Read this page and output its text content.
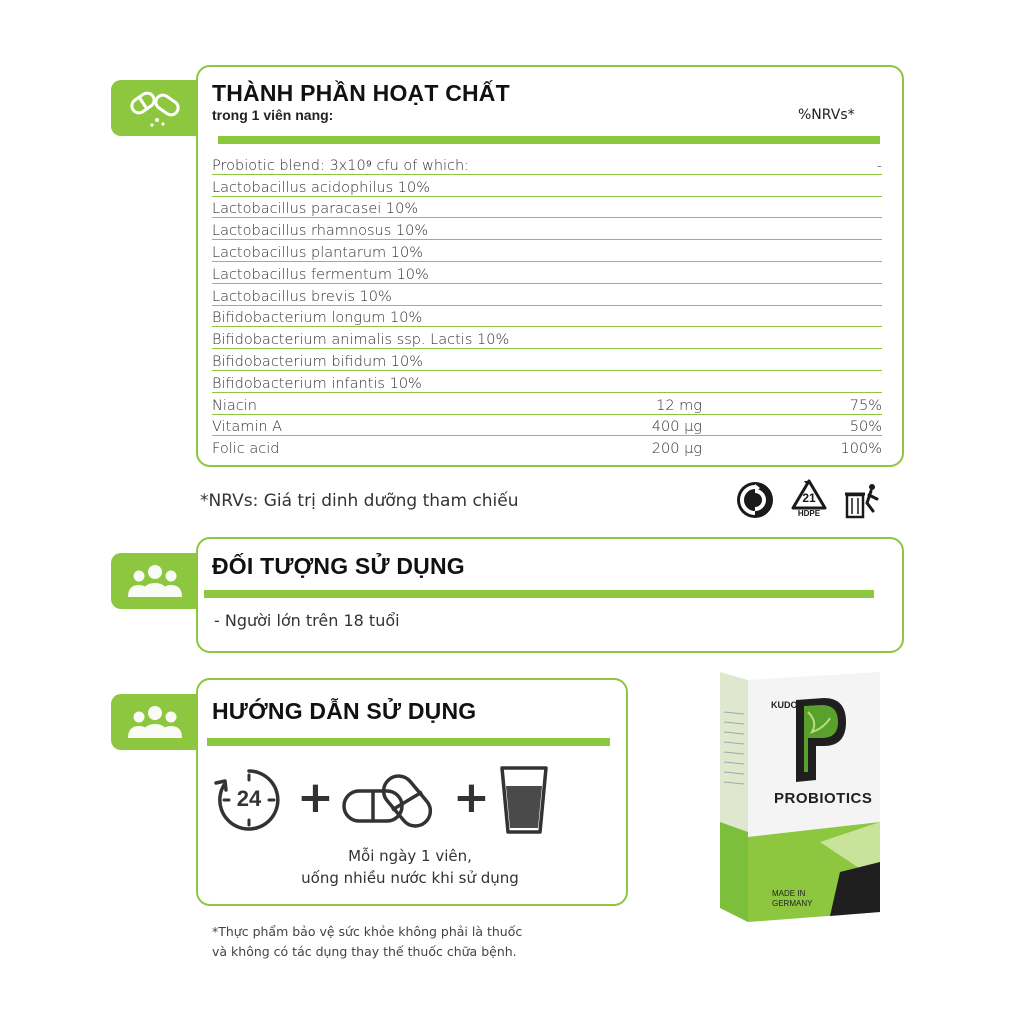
THÀNH PHẦN HOẠT CHẤT
trong 1 viên nang:	%NRVs*
Probiotic blend: 3x10⁹ cfu of which:		-
Lactobacillus acidophilus 10%		
Lactobacillus paracasei 10%		
Lactobacillus rhamnosus 10%		
Lactobacillus plantarum 10%		
Lactobacillus fermentum 10%		
Lactobacillus brevis 10%		
Bifidobacterium longum 10%		
Bifidobacterium animalis ssp. Lactis 10%		
Bifidobacterium bifidum 10%		
Bifidobacterium infantis 10%		
Niacin	12 mg	75%
Vitamin A	400 µg	50%
Folic acid	200 µg	100%
*NRVs: Giá trị dinh dưỡng tham chiếu	21
HDPE
ĐỐI TƯỢNG SỬ DỤNG
- Người lớn trên 18 tuổi
HƯỚNG DẪN SỬ DỤNG
24 +	+
Mỗi ngày 1 viên,
uống nhiều nước khi sử dụng
*Thực phẩm bảo vệ sức khỏe không phải là thuốc
và không có tác dụng thay thế thuốc chữa bệnh.
KUDOS
PROBIOTICS
MADE IN
GERMANY
30
